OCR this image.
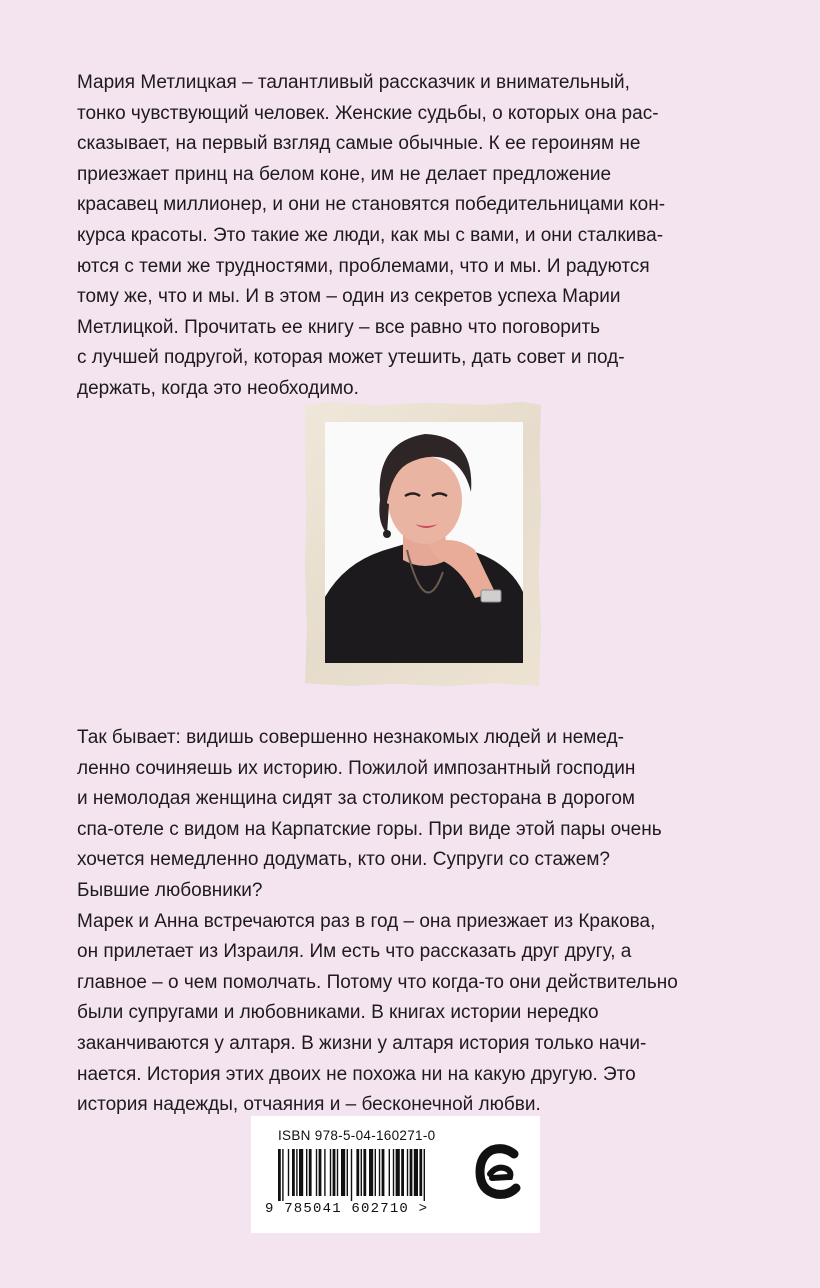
Мария Метлицкая – талантливый рассказчик и внимательный,

тонко чувствующий человек. Женские судьбы, о которых она рас-

сказывает, на первый взгляд самые обычные. К ее героиням не

приезжает принц на белом коне, им не делает предложение

красавец миллионер, и они не становятся победительницами кон-

курса красоты. Это такие же люди, как мы с вами, и они сталкива-

ются с теми же трудностями, проблемами, что и мы. И радуются

тому же, что и мы. И в этом – один из секретов успеха Марии

Метлицкой. Прочитать ее книгу – все равно что поговорить

с лучшей подругой, которая может утешить, дать совет и под-

держать, когда это необходимо.

Так бывает: видишь совершенно незнакомых людей и немед-

ленно сочиняешь их историю. Пожилой импозантный господин

и немолодая женщина сидят за столиком ресторана в дорогом

спа-отеле с видом на Карпатские горы. При виде этой пары очень

хочется немедленно додумать, кто они. Супруги со стажем?

Бывшие любовники?

Марек и Анна встречаются раз в год – она приезжает из Кракова,

он прилетает из Израиля. Им есть что рассказать друг другу, а

главное – о чем помолчать. Потому что когда-то они действительно

были супругами и любовниками. В книгах истории нередко

заканчиваются у алтаря. В жизни у алтаря история только начи-

нается. История этих двоих не похожа ни на какую другую. Это

история надежды, отчаяния и – бесконечной любви.

ISBN 978-5-04-160271-0
9 785041 602710 >
